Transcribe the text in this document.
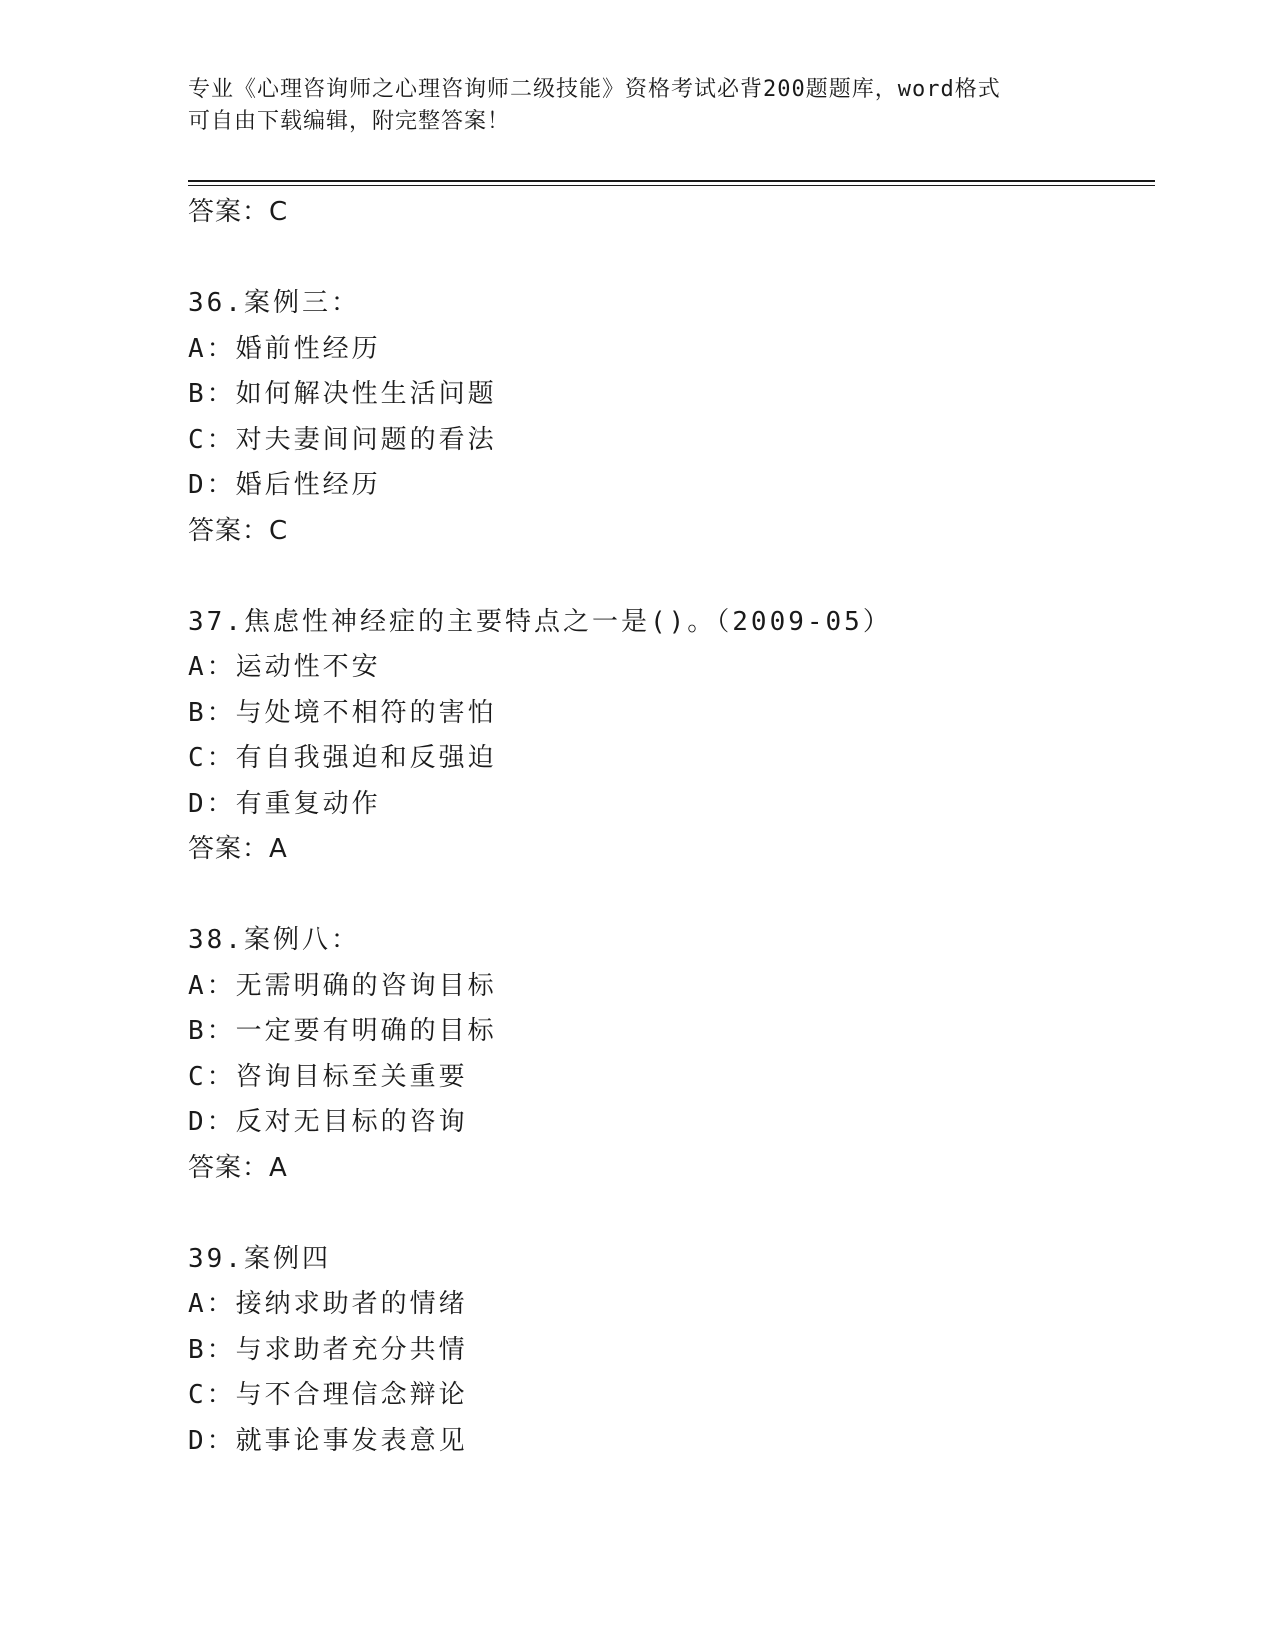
专业《心理咨询师之心理咨询师二级技能》资格考试必背200题题库，word格式
可自由下载编辑，附完整答案！
答案：C
36.案例三：
A：婚前性经历
B：如何解决性生活问题
C：对夫妻间问题的看法
D：婚后性经历
答案：C
37.焦虑性神经症的主要特点之一是()。（2009-05）
A：运动性不安
B：与处境不相符的害怕
C：有自我强迫和反强迫
D：有重复动作
答案：A
38.案例八：
A：无需明确的咨询目标
B：一定要有明确的目标
C：咨询目标至关重要
D：反对无目标的咨询
答案：A
39.案例四
A：接纳求助者的情绪
B：与求助者充分共情
C：与不合理信念辩论
D：就事论事发表意见
